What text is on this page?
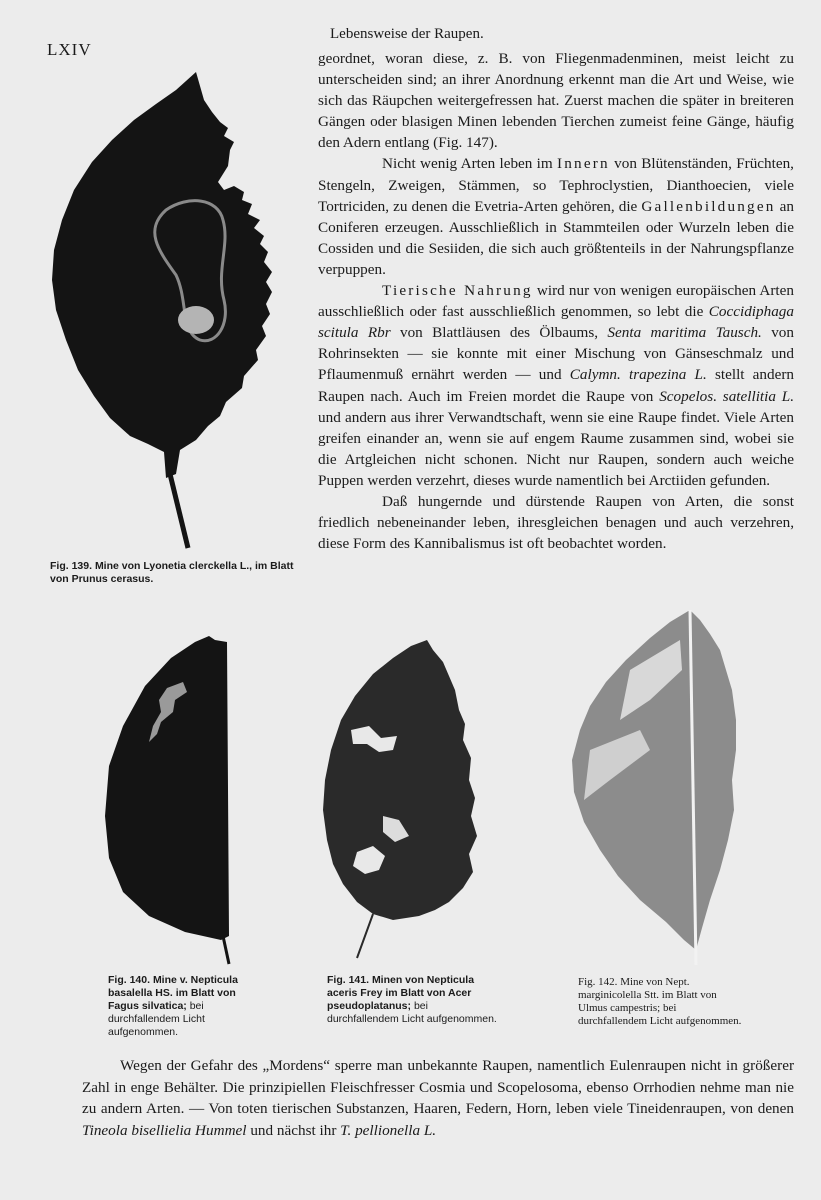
LXIV
Lebensweise der Raupen.

geordnet, woran diese, z. B. von Fliegenmadenminen, meist leicht zu unterscheiden sind; an ihrer Anordnung erkennt man die Art und Weise, wie sich das Räupchen weitergefressen hat. Zuerst machen die später in breiteren Gängen oder blasigen Minen lebenden Tierchen zumeist feine Gänge, häufig den Adern entlang (Fig. 147).

Nicht wenig Arten leben im Innern von Blütenständen, Früchten, Stengeln, Zweigen, Stämmen, so Tephroclystien, Dianthoecien, viele Tortriciden, zu denen die Evetria-Arten gehören, die Gallenbildungen an Coniferen erzeugen. Ausschließlich in Stammteilen oder Wurzeln leben die Cossiden und die Sesiiden, die sich auch größtenteils in der Nahrungspflanze verpuppen.

Tierische Nahrung wird nur von wenigen europäischen Arten ausschließlich oder fast ausschließlich genommen, so lebt die Coccidiphaga scitula Rbr von Blattläusen des Ölbaums, Senta maritima Tausch. von Rohrinsekten — sie konnte mit einer Mischung von Gänseschmalz und Pflaumenmuß ernährt werden — und Calymn. trapezina L. stellt andern Raupen nach. Auch im Freien mordet die Raupe von Scopelos. satellitia L. und andern aus ihrer Verwandtschaft, wenn sie eine Raupe findet. Viele Arten greifen einander an, wenn sie auf engem Raume zusammen sind, wobei sie die Artgleichen nicht schonen. Nicht nur Raupen, sondern auch weiche Puppen werden verzehrt, dieses wurde namentlich bei Arctiiden gefunden.

Daß hungernde und dürstende Raupen von Arten, die sonst friedlich nebeneinander leben, ihresgleichen benagen und auch verzehren, diese Form des Kannibalismus ist oft beobachtet worden.

Fig. 139. Mine von Lyonetia clerckella L., im Blatt von Prunus cerasus.
Fig. 140. Mine v. Nepticula basalella HS. im Blatt von Fagus silvatica; bei durchfallendem Licht aufgenommen.
Fig. 141. Minen von Nepticula aceris Frey im Blatt von Acer pseudoplatanus; bei durchfallendem Licht aufgenommen.
Fig. 142. Mine von Nept. marginicolella Stt. im Blatt von Ulmus campestris; bei durchfallendem Licht aufgenommen.

Wegen der Gefahr des „Mordens“ sperre man unbekannte Raupen, namentlich Eulenraupen nicht in größerer Zahl in enge Behälter. Die prinzipiellen Fleischfresser Cosmia und Scopelosoma, ebenso Orrhodien nehme man nie zu andern Arten. — Von toten tierischen Substanzen, Haaren, Federn, Horn, leben viele Tineidenraupen, von denen Tineola bisellielia Hummel und nächst ihr T. pellionella L.
